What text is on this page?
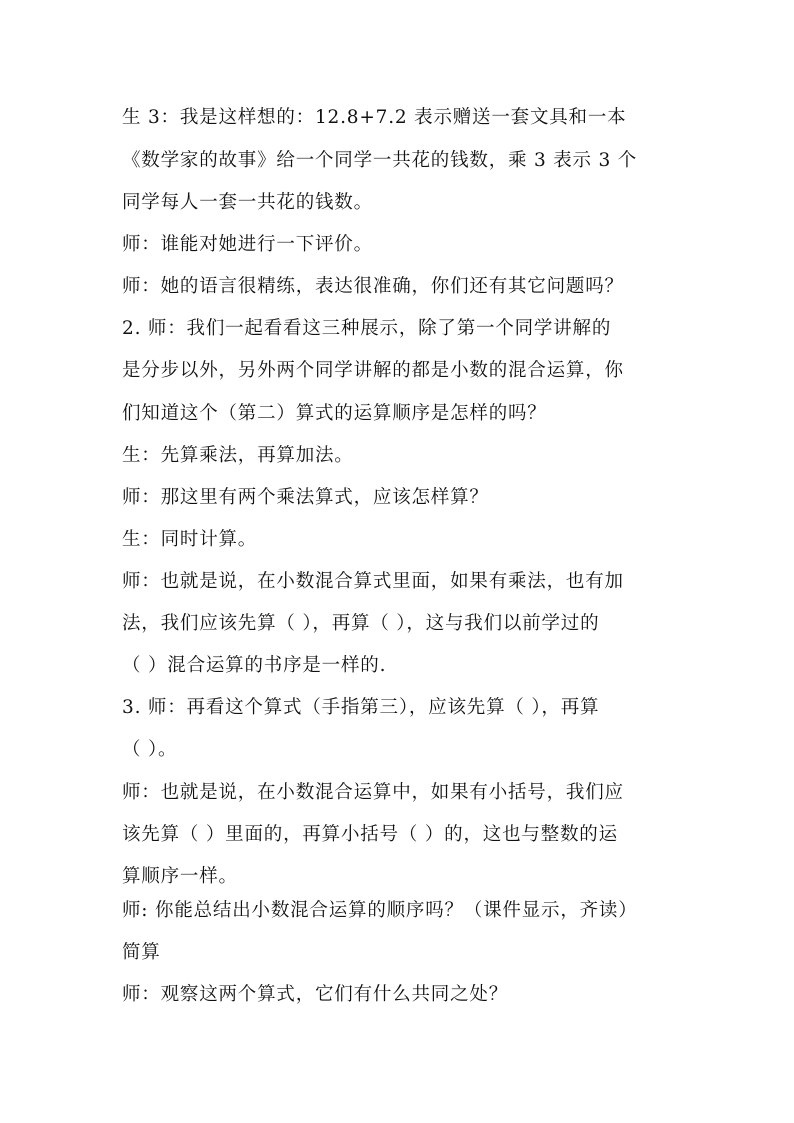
生 3：我是这样想的：12.8+7.2 表示赠送一套文具和一本
《数学家的故事》给一个同学一共花的钱数，乘 3 表示 3 个
同学每人一套一共花的钱数。
师：谁能对她进行一下评价。
师：她的语言很精练，表达很准确，你们还有其它问题吗？
2. 师：我们一起看看这三种展示，除了第一个同学讲解的
是分步以外，另外两个同学讲解的都是小数的混合运算，你
们知道这个（第二）算式的运算顺序是怎样的吗？
生：先算乘法，再算加法。
师：那这里有两个乘法算式，应该怎样算？
生：同时计算。
师：也就是说，在小数混合算式里面，如果有乘法，也有加
法，我们应该先算（ ），再算（ ），这与我们以前学过的
（ ）混合运算的书序是一样的.
3. 师：再看这个算式（手指第三），应该先算（ ），再算
（ ）。
师：也就是说，在小数混合运算中，如果有小括号，我们应
该先算（ ）里面的，再算小括号（ ）的，这也与整数的运
算顺序一样。
师: 你能总结出小数混合运算的顺序吗？（课件显示，齐读）
简算
师：观察这两个算式，它们有什么共同之处？
